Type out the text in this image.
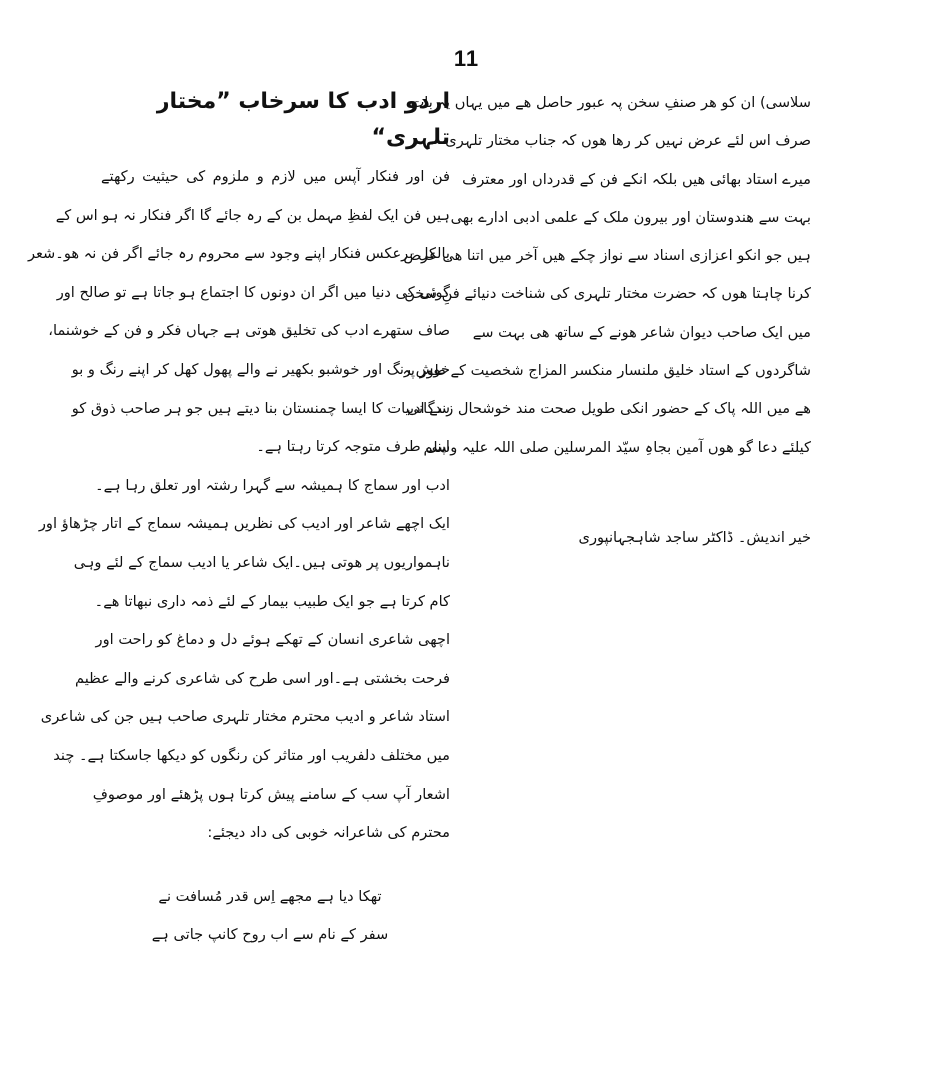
11
سلاسی) ان کو ھر صنفِ سخن پہ عبور حاصل ھے میں یہاں یہ بات
صرف اس لئے عرض نہیں کر رھا ھوں کہ جناب مختار تلہری
میرے استاد بھائی ھیں بلکہ انکے فن کے قدرداں اور معترف
بہت سے ھندوستان اور بیرون ملک کے علمی ادبی ادارے بھی
ہیں جو انکو اعزازی اسناد سے نواز چکے ھیں آخر میں اتنا ھی عرض
کرنا چاہتا ھوں کہ حضرت مختار تلہری کی شناخت دنیائے فنِ سخن
میں ایک صاحب دیوان شاعر ھونے کے ساتھ ھی بہت سے
شاگردوں کے استاد خلیق ملنسار منکسر المزاج شخصیت کے طور پہ
ھے میں اللہ پاک کے حضور انکی طویل صحت مند خوشحال زندگانی
کیلئے دعا گو ھوں آمین بجاہِ سیّد المرسلین صلی اللہ علیہ وسلم
خیر اندیش۔ ڈاکٹر ساجد شاہجہانپوری
اردو ادب کا سرخاب ”مختار تلہری“
فن اور فنکار آپس میں لازم و ملزوم کی حیثیت رکھتے
ہیں فن ایک لفظِ مہمل بن کے رہ جائے گا اگر فنکار نہ ہو اس کے
بالکل برعکس فنکار اپنے وجود سے محروم رہ جائے اگر فن نہ ھو۔شعر
گوئی کی دنیا میں اگر ان دونوں کا اجتماع ہو جاتا ہے تو صالح اور
صاف ستھرے ادب کی تخلیق ھوتی ہے جہاں فکر و فن کے خوشنما،
خوش رنگ اور خوشبو بکھیر نے والے پھول کھل کر اپنے رنگ و بو
سے ادبیات کا ایسا چمنستان بنا دیتے ہیں جو ہر صاحب ذوق کو
اپنی طرف متوجہ کرتا رہتا ہے۔
ادب اور سماج کا ہمیشہ سے گہرا رشتہ اور تعلق رہا ہے۔
ایک اچھے شاعر اور ادیب کی نظریں ہمیشہ سماج کے اتار چڑھاؤ اور
ناہمواریوں پر ھوتی ہیں۔ایک شاعر یا ادیب سماج کے لئے وہی
کام کرتا ہے جو ایک طبیب بیمار کے لئے ذمہ داری نبھاتا ھے۔
اچھی شاعری انسان کے تھکے ہوئے دل و دماغ کو راحت اور
فرحت بخشتی ہے۔اور اسی طرح کی شاعری کرنے والے عظیم
استاد شاعر و ادیب محترم مختار تلہری صاحب ہیں جن کی شاعری
میں مختلف دلفریب اور متاثر کن رنگوں کو دیکھا جاسکتا ہے۔ چند
اشعار آپ سب کے سامنے پیش کرتا ہوں پڑھئے اور موصوفِ
محترم کی شاعرانہ خوبی کی داد دیجئے:
تھکا دیا ہے مجھے اِس قدر مُسافت نے
سفر کے نام سے اب روح کانپ جاتی ہے
